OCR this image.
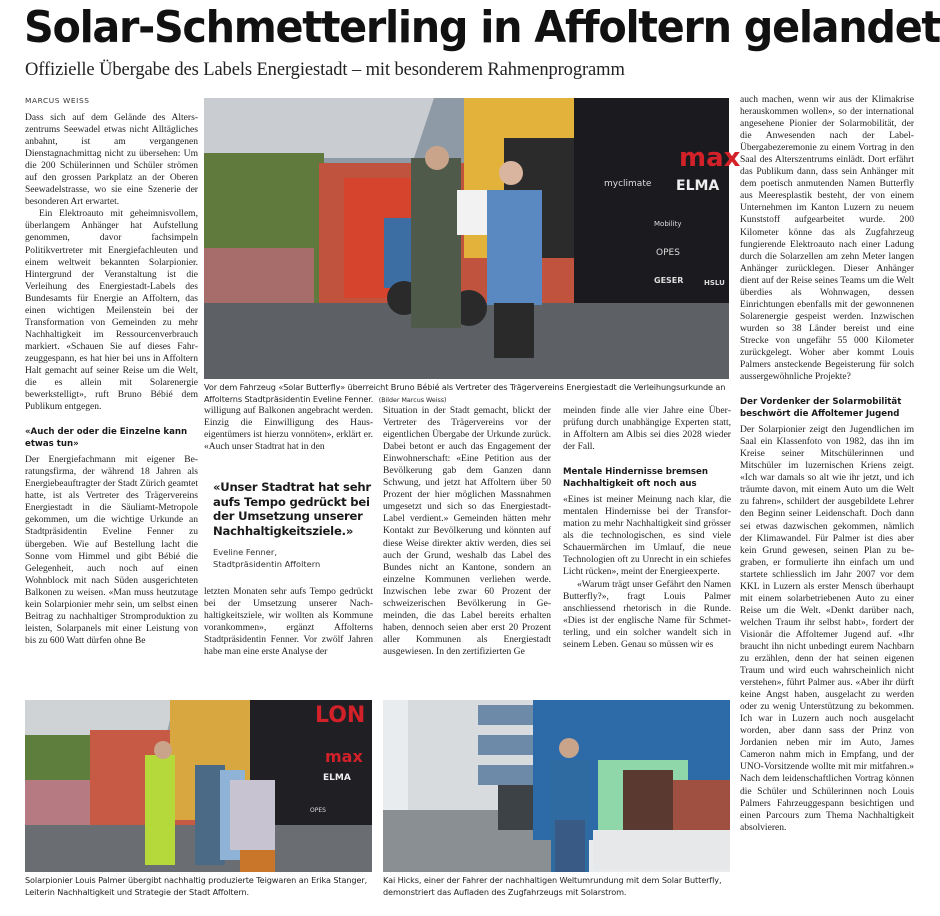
Solar-Schmetterling in Affoltern gelandet
Offizielle Übergabe des Labels Energiestadt – mit besonderem Rahmenprogramm
MARCUS WEISS

Dass sich auf dem Gelände des Alterszentrums Seewadel etwas nicht Alltägliches anbahnt, ist am vergangenen Dienstagnachmittag nicht zu übersehen: Um die 200 Schülerinnen und Schüler strömen auf den grossen Parkplatz an der Oberen Seewadelstrasse, wo sie eine Szenerie der besonderen Art erwartet.

Ein Elektroauto mit geheimnisvollem, überlangem Anhänger hat Aufstellung genommen, davor fachsimpeln Politikvertreter mit Energiefachleuten und einem weltweit bekannten Solarpionier. Hintergrund der Veranstaltung ist die Verleihung des Energiestadt-Labels des Bundesamts für Energie an Affoltern, das einen wichtigen Meilenstein bei der Transformation von Gemeinden zu mehr Nachhaltigkeit im Ressourcenverbrauch markiert. «Schauen Sie auf dieses Fahrzeuggespann, es hat hier bei uns in Affoltern Halt gemacht auf seiner Reise um die Welt, die es allein mit Solarenergie bewerkstelligt», ruft Bruno Bébié dem Publikum entgegen.

«Auch der oder die Einzelne kann etwas tun»

Der Energiefachmann mit eigener Beratungsfirma, der während 18 Jahren als Energiebeauftragter der Stadt Zürich geamtet hatte, ist als Vertreter des Trägervereins Energiestadt in die Säuliamt-Metropole gekommen, um die wichtige Urkunde an Stadtpräsidentin Eveline Fenner zu übergeben. Wie auf Bestellung lacht die Sonne vom Himmel und gibt Bébié die Gelegenheit, auch noch auf einen Wohnblock mit nach Süden ausgerichteten Balkonen zu weisen. «Man muss heutzutage kein Solarpionier mehr sein, um selbst einen Beitrag zu nachhaltiger Stromproduktion zu leisten, Solarpanels mit einer Leistung von bis zu 600 Watt dürfen ohne Be

max
myclimate ELMA
Mobility
OPES
GESER	HSLU
Vor dem Fahrzeug «Solar Butterfly» überreicht Bruno Bébié als Vertreter des Trägervereins Energiestadt die Verleihungsurkunde an Affolterns Stadtpräsidentin Eveline Fenner. (Bilder Marcus Weiss)

willigung auf Balkonen angebracht werden. Einzig die Einwilligung des Hauseigentümers ist hierzu vonnöten», erklärt er. «Auch unser Stadtrat hat in den

letzten Monaten sehr aufs Tempo gedrückt bei der Umsetzung unserer Nachhaltigkeitsziele, wir wollten als Kommune vorankommen», ergänzt Affolterns Stadtpräsidentin Fenner. Vor zwölf Jahren habe man eine erste Analyse der

«Unser Stadtrat hat sehr aufs Tempo gedrückt bei der Umsetzung unserer Nachhaltigkeitsziele.»
Eveline Fenner,
Stadtpräsidentin Affoltern

Situation in der Stadt gemacht, blickt der Vertreter des Trägervereins vor der eigentlichen Übergabe der Urkunde zurück. Dabei betont er auch das Engagement der Einwohnerschaft: «Eine Petition aus der Bevölkerung gab dem Ganzen dann Schwung, und jetzt hat Affoltern über 50 Prozent der hier möglichen Massnahmen umgesetzt und sich so das Energiestadt-Label verdient.» Gemeinden hätten mehr Kontakt zur Bevölkerung und könnten auf diese Weise direkter aktiv werden, dies sei auch der Grund, weshalb das Label des Bundes nicht an Kantone, sondern an einzelne Kommunen verliehen werde. Inzwischen lebe zwar 60 Prozent der schweizerischen Bevölkerung in Gemeinden, die das Label bereits erhalten haben, dennoch seien aber erst 20 Prozent aller Kommunen als Energiestadt ausgewiesen. In den zertifizierten Ge

meinden finde alle vier Jahre eine Überprüfung durch unabhängige Experten statt, in Affoltern am Albis sei dies 2028 wieder der Fall.

Mentale Hindernisse bremsen Nachhaltigkeit oft noch aus

«Eines ist meiner Meinung nach klar, die mentalen Hindernisse bei der Transformation zu mehr Nachhaltigkeit sind grösser als die technologischen, es sind viele Schauermärchen im Umlauf, die neue Technologien oft zu Unrecht in ein schiefes Licht rücken», meint der Energieexperte.

«Warum trägt unser Gefährt den Namen Butterfly?», fragt Louis Palmer anschliessend rhetorisch in die Runde. «Dies ist der englische Name für Schmetterling, und ein solcher wandelt sich in seinem Leben. Genau so müssen wir es

auch machen, wenn wir aus der Klimakrise herauskommen wollen», so der international angesehene Pionier der Solarmobilität, der die Anwesenden nach der Label-Übergabezeremonie zu einem Vortrag in den Saal des Alterszentrums einlädt. Dort erfährt das Publikum dann, dass sein Anhänger mit dem poetisch anmutenden Namen Butterfly aus Meeresplastik besteht, der von einem Unternehmen im Kanton Luzern zu neuem Kunststoff aufgearbeitet wurde. 200 Kilometer könne das als Zugfahrzeug fungierende Elektroauto nach einer Ladung durch die Solarzellen am zehn Meter langen Anhänger zurücklegen. Dieser Anhänger dient auf der Reise seines Teams um die Welt überdies als Wohnwagen, dessen Einrichtungen ebenfalls mit der gewonnenen Solarenergie gespeist werden. Inzwischen wurden so 38 Länder bereist und eine Strecke von ungefähr 55 000 Kilometer zurückgelegt. Woher aber kommt Louis Palmers ansteckende Begeisterung für solch aussergewöhnliche Projekte?

Der Vordenker der Solarmobilität beschwört die Affoltemer Jugend

Der Solarpionier zeigt den Jugendlichen im Saal ein Klassenfoto von 1982, das ihn im Kreise seiner Mitschülerinnen und Mitschüler im luzernischen Kriens zeigt. «Ich war damals so alt wie ihr jetzt, und ich träumte davon, mit einem Auto um die Welt zu fahren», schildert der ausgebildete Lehrer den Beginn seiner Leidenschaft. Doch dann sei etwas dazwischen gekommen, nämlich der Klimawandel. Für Palmer ist dies aber kein Grund gewesen, seinen Plan zu begraben, er formulierte ihn einfach um und startete schliesslich im Jahr 2007 vor dem KKL in Luzern als erster Mensch überhaupt mit einem solarbetriebenen Auto zu einer Reise um die Welt. «Denkt darüber nach, welchen Traum ihr selbst habt», fordert der Visionär die Affoltemer Jugend auf. «Ihr braucht ihn nicht unbedingt eurem Nachbarn zu erzählen, denn der hat seinen eigenen Traum und wird euch wahrscheinlich nicht verstehen», führt Palmer aus. «Aber ihr dürft keine Angst haben, ausgelacht zu werden oder zu wenig Unterstützung zu bekommen. Ich war in Luzern auch noch ausgelacht worden, aber dann sass der Prinz von Jordanien neben mir im Auto, James Cameron nahm mich in Empfang, und der UNO-Vorsitzende wollte mit mir mitfahren.» Nach dem leidenschaftlichen Vortrag können die Schüler und Schülerinnen noch Louis Palmers Fahrzeuggespann besichtigen und einen Parcours zum Thema Nachhaltigkeit absolvieren.

LON
max
ELMA
OPES
Solarpionier Louis Palmer übergibt nachhaltig produzierte Teigwaren an Erika Stanger, Leiterin Nachhaltigkeit und Strategie der Stadt Affoltern.
Kai Hicks, einer der Fahrer der nachhaltigen Weltumrundung mit dem Solar Butterfly, demonstriert das Aufladen des Zugfahrzeugs mit Solarstrom.
